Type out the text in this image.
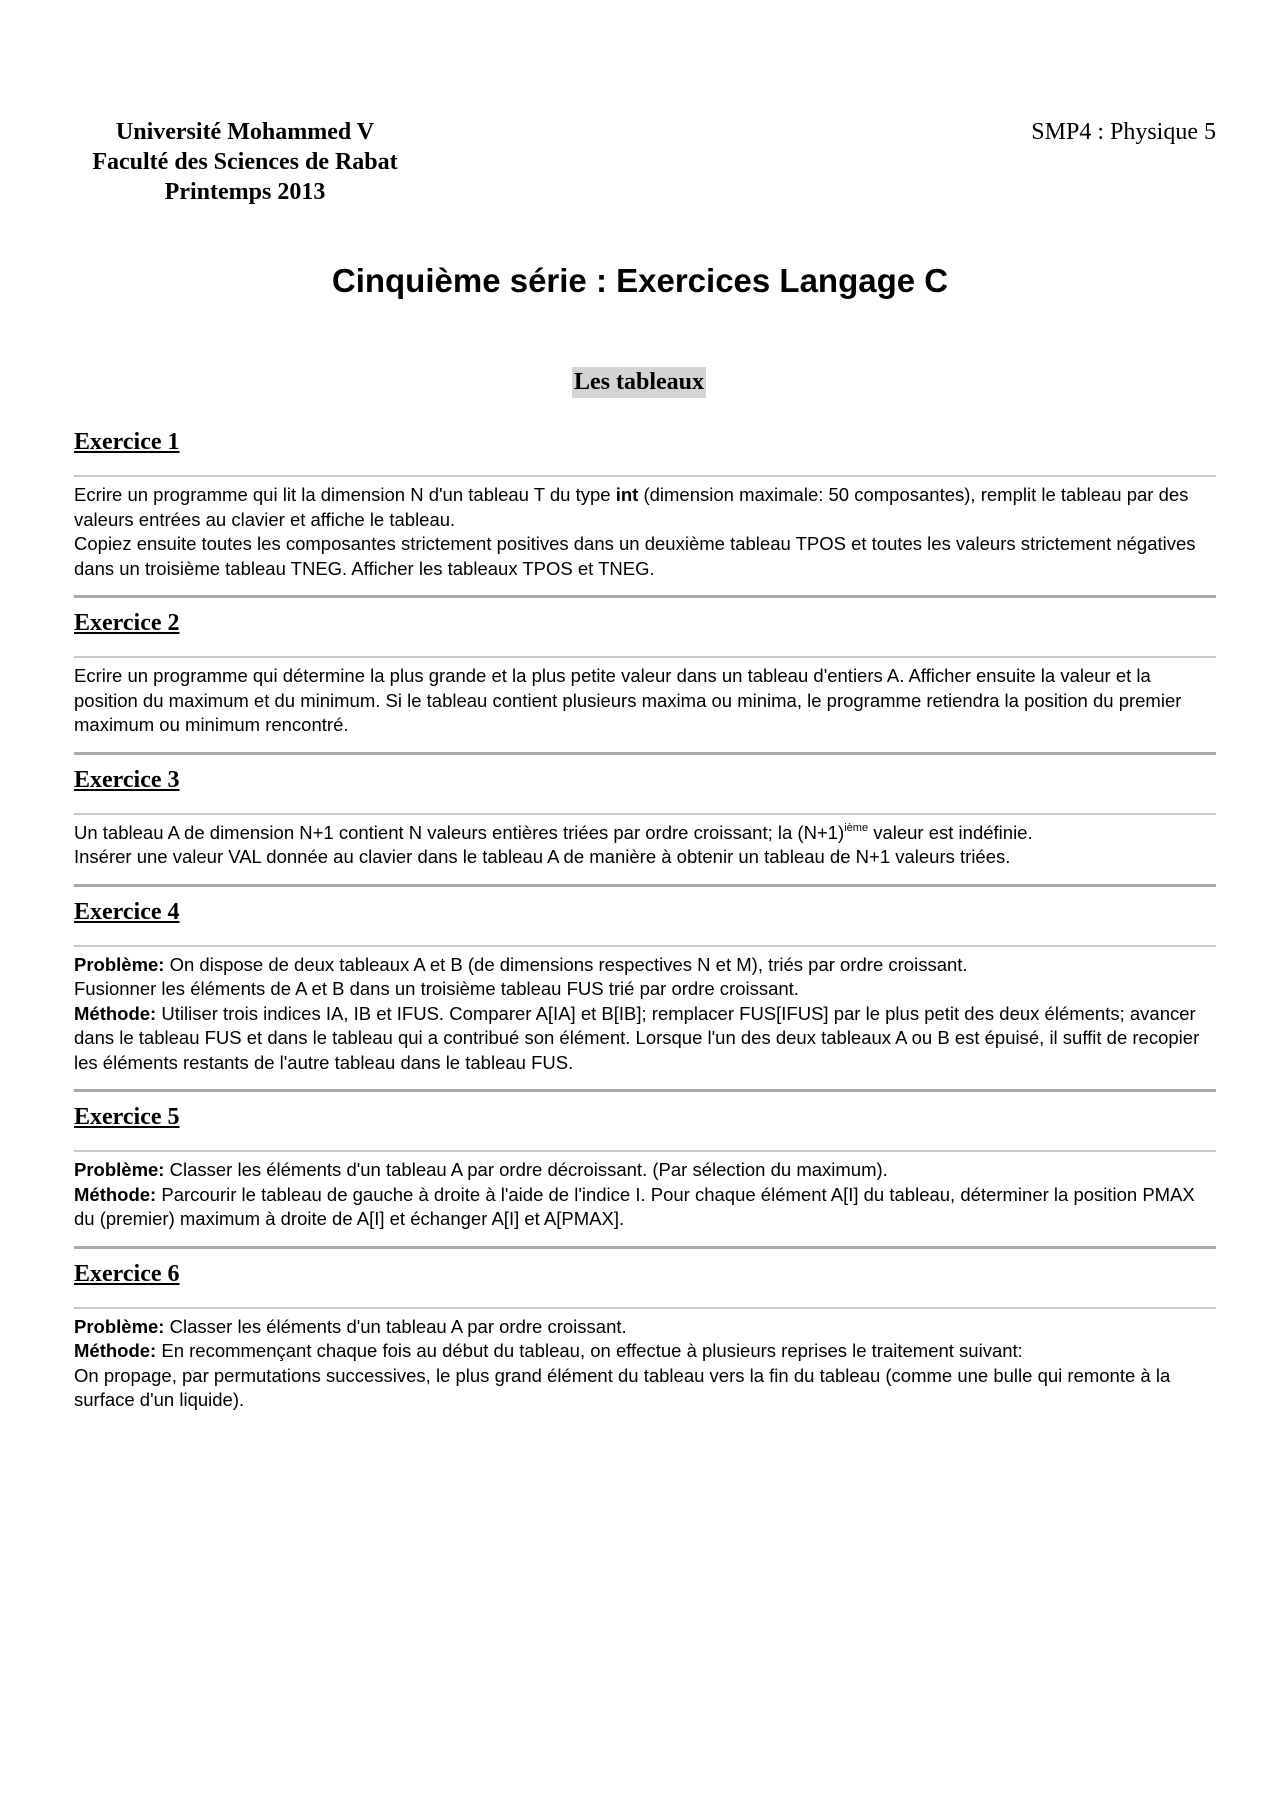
Université Mohammed V
Faculté des Sciences de Rabat
Printemps 2013
SMP4 : Physique 5
Cinquième série : Exercices Langage C
Les tableaux
Exercice 1

Ecrire un programme qui lit la dimension N d'un tableau T du type int (dimension maximale: 50 composantes), remplit le tableau par des valeurs entrées au clavier et affiche le tableau.

Copiez ensuite toutes les composantes strictement positives dans un deuxième tableau TPOS et toutes les valeurs strictement négatives dans un troisième tableau TNEG. Afficher les tableaux TPOS et TNEG.

Exercice 2

Ecrire un programme qui détermine la plus grande et la plus petite valeur dans un tableau d'entiers A. Afficher ensuite la valeur et la position du maximum et du minimum. Si le tableau contient plusieurs maxima ou minima, le programme retiendra la position du premier maximum ou minimum rencontré.

Exercice 3

Un tableau A de dimension N+1 contient N valeurs entières triées par ordre croissant; la $(N+1)^{ième}$ valeur est indéfinie.

Insérer une valeur VAL donnée au clavier dans le tableau A de manière à obtenir un tableau de N+1 valeurs triées.

Exercice 4

Problème: On dispose de deux tableaux A et B (de dimensions respectives N et M), triés par ordre croissant.

Fusionner les éléments de A et B dans un troisième tableau FUS trié par ordre croissant.

Méthode: Utiliser trois indices IA, IB et IFUS. Comparer A[IA] et B[IB]; remplacer FUS[IFUS] par le plus petit des deux éléments; avancer dans le tableau FUS et dans le tableau qui a contribué son élément. Lorsque l'un des deux tableaux A ou B est épuisé, il suffit de recopier les éléments restants de l'autre tableau dans le tableau FUS.

Exercice 5

Problème: Classer les éléments d'un tableau A par ordre décroissant. (Par sélection du maximum).

Méthode: Parcourir le tableau de gauche à droite à l'aide de l'indice I. Pour chaque élément A[I] du tableau, déterminer la position PMAX du (premier) maximum à droite de A[I] et échanger A[I] et A[PMAX].

Exercice 6

Problème: Classer les éléments d'un tableau A par ordre croissant.

Méthode: En recommençant chaque fois au début du tableau, on effectue à plusieurs reprises le traitement suivant:

On propage, par permutations successives, le plus grand élément du tableau vers la fin du tableau (comme une bulle qui remonte à la surface d'un liquide).
